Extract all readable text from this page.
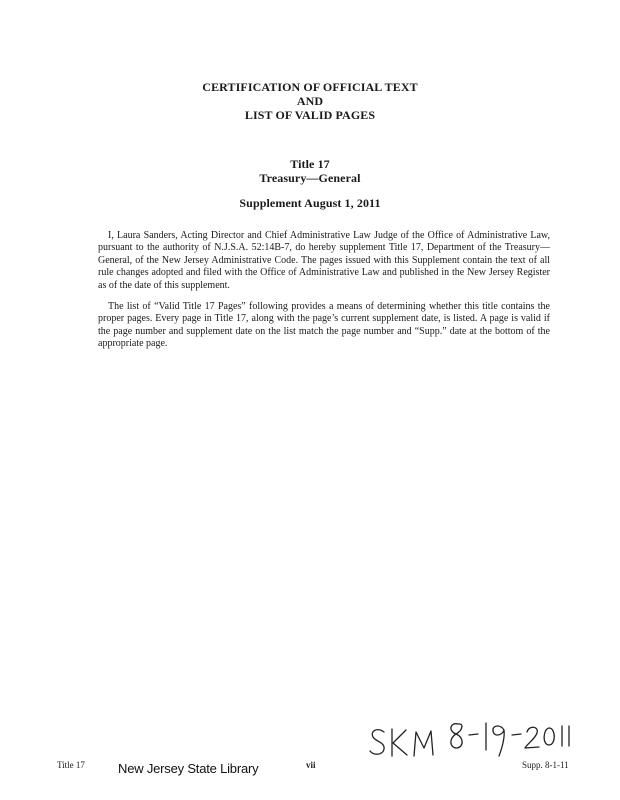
CERTIFICATION OF OFFICIAL TEXT
AND
LIST OF VALID PAGES
Title 17
Treasury—General
Supplement August 1, 2011

I, Laura Sanders, Acting Director and Chief Administrative Law Judge of the Office of Administrative Law, pursuant to the authority of N.J.S.A. 52:14B-7, do hereby supplement Title 17, Department of the Treasury—General, of the New Jersey Administrative Code. The pages issued with this Supplement contain the text of all rule changes adopted and filed with the Office of Administrative Law and published in the New Jersey Register as of the date of this supplement.

The list of “Valid Title 17 Pages” following provides a means of determining whether this title contains the proper pages. Every page in Title 17, along with the page’s current supplement date, is listed. A page is valid if the page number and supplement date on the list match the page number and “Supp.” date at the bottom of the appropriate page.

Title 17	New Jersey State Library	vii	Supp. 8-1-11
